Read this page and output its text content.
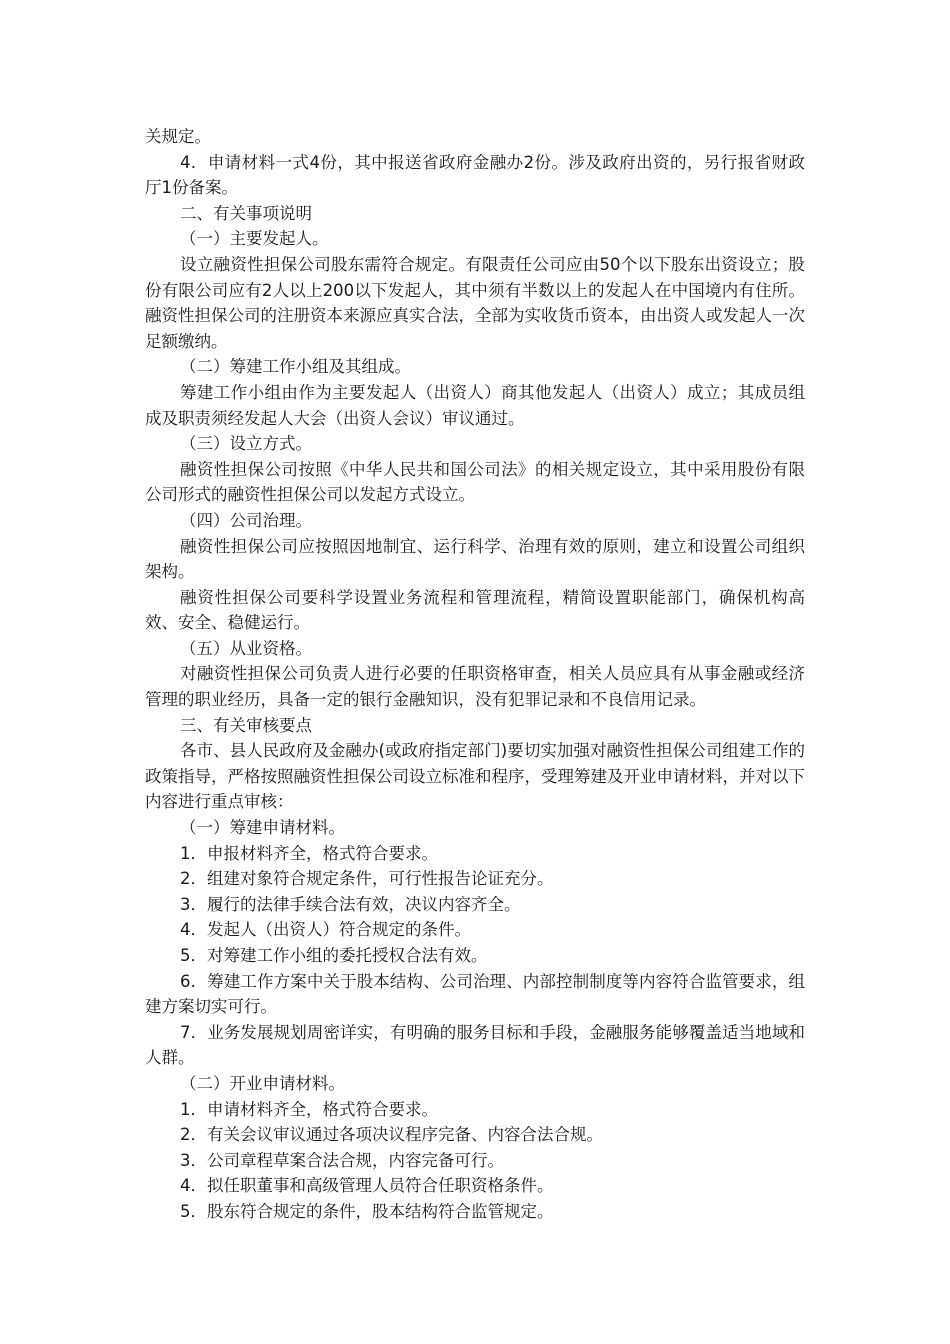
关规定。

4．申请材料一式4份，其中报送省政府金融办2份。涉及政府出资的，另行报省财政厅1份备案。

二、有关事项说明

（一）主要发起人。

设立融资性担保公司股东需符合规定。有限责任公司应由50个以下股东出资设立；股份有限公司应有2人以上200以下发起人，其中须有半数以上的发起人在中国境内有住所。融资性担保公司的注册资本来源应真实合法，全部为实收货币资本，由出资人或发起人一次足额缴纳。

（二）筹建工作小组及其组成。

筹建工作小组由作为主要发起人（出资人）商其他发起人（出资人）成立；其成员组成及职责须经发起人大会（出资人会议）审议通过。

（三）设立方式。

融资性担保公司按照《中华人民共和国公司法》的相关规定设立，其中采用股份有限公司形式的融资性担保公司以发起方式设立。

（四）公司治理。

融资性担保公司应按照因地制宜、运行科学、治理有效的原则，建立和设置公司组织架构。

融资性担保公司要科学设置业务流程和管理流程，精简设置职能部门，确保机构高效、安全、稳健运行。

（五）从业资格。

对融资性担保公司负责人进行必要的任职资格审查，相关人员应具有从事金融或经济管理的职业经历，具备一定的银行金融知识，没有犯罪记录和不良信用记录。

三、有关审核要点

各市、县人民政府及金融办(或政府指定部门)要切实加强对融资性担保公司组建工作的政策指导，严格按照融资性担保公司设立标准和程序，受理筹建及开业申请材料，并对以下内容进行重点审核：

（一）筹建申请材料。

1．申报材料齐全，格式符合要求。

2．组建对象符合规定条件，可行性报告论证充分。

3．履行的法律手续合法有效，决议内容齐全。

4．发起人（出资人）符合规定的条件。

5．对筹建工作小组的委托授权合法有效。

6．筹建工作方案中关于股本结构、公司治理、内部控制制度等内容符合监管要求，组建方案切实可行。

7．业务发展规划周密详实，有明确的服务目标和手段，金融服务能够覆盖适当地域和人群。

（二）开业申请材料。

1．申请材料齐全，格式符合要求。

2．有关会议审议通过各项决议程序完备、内容合法合规。

3．公司章程草案合法合规，内容完备可行。

4．拟任职董事和高级管理人员符合任职资格条件。

5．股东符合规定的条件，股本结构符合监管规定。
